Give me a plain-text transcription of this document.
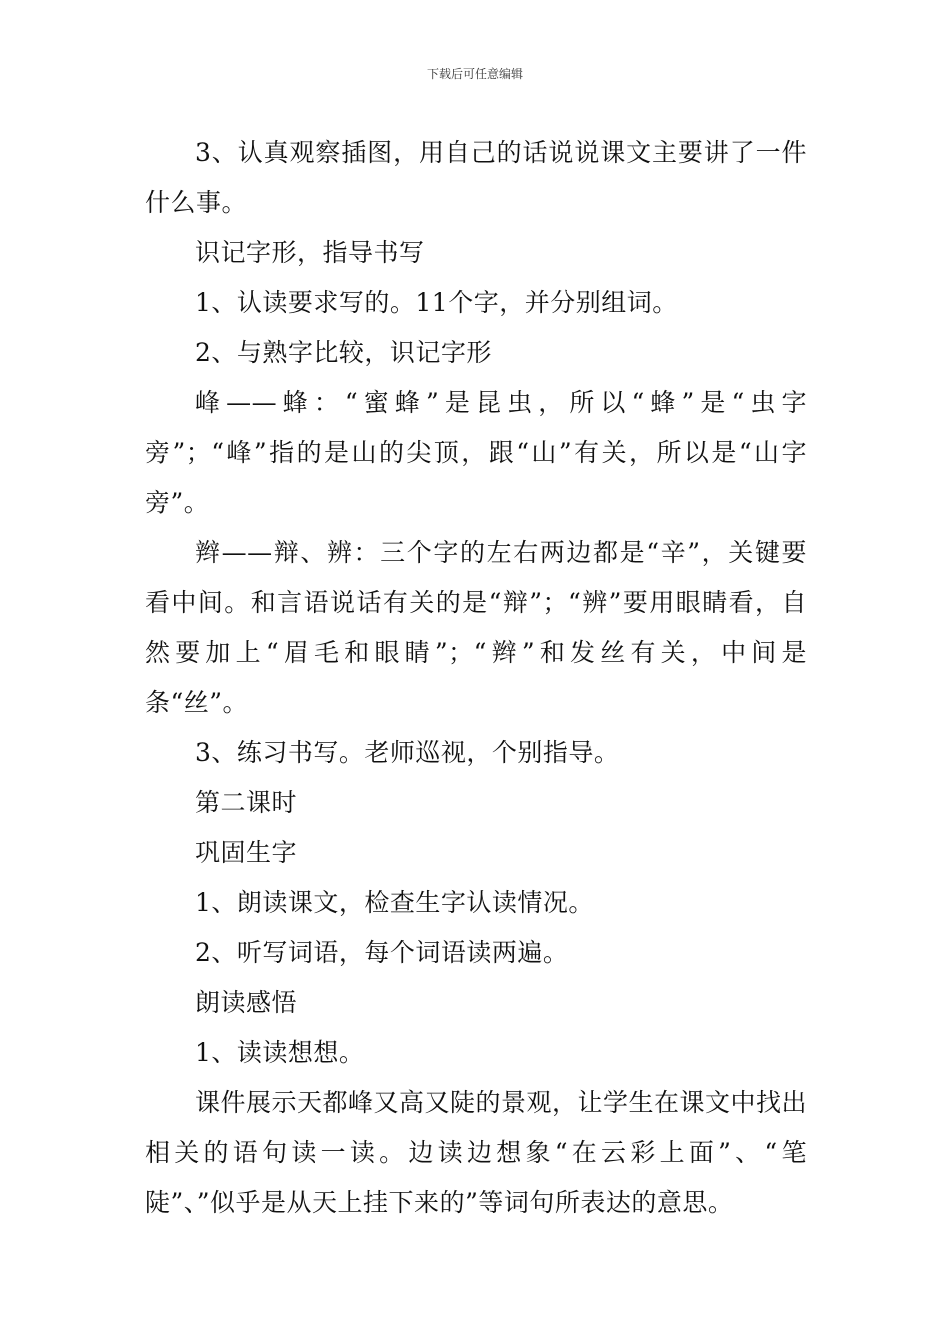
下载后可任意编辑

3、认真观察插图，用自己的话说说课文主要讲了一件什么事。

识记字形，指导书写

1、认读要求写的。11个字，并分别组词。

2、与熟字比较，识记字形

峰——蜂：“蜜蜂”是昆虫，所以“蜂”是“虫字旁”；“峰”指的是山的尖顶，跟“山”有关，所以是“山字旁”。

辫——辩、辨：三个字的左右两边都是“辛”，关键要看中间。和言语说话有关的是“辩”；“辨”要用眼睛看，自然要加上“眉毛和眼睛”；“辫”和发丝有关，中间是条“丝”。

3、练习书写。老师巡视，个别指导。

第二课时

巩固生字

1、朗读课文，检查生字认读情况。

2、听写词语，每个词语读两遍。

朗读感悟

1、读读想想。

课件展示天都峰又高又陡的景观，让学生在课文中找出相关的语句读一读。边读边想象“在云彩上面”、“笔陡”、”似乎是从天上挂下来的”等词句所表达的意思。
